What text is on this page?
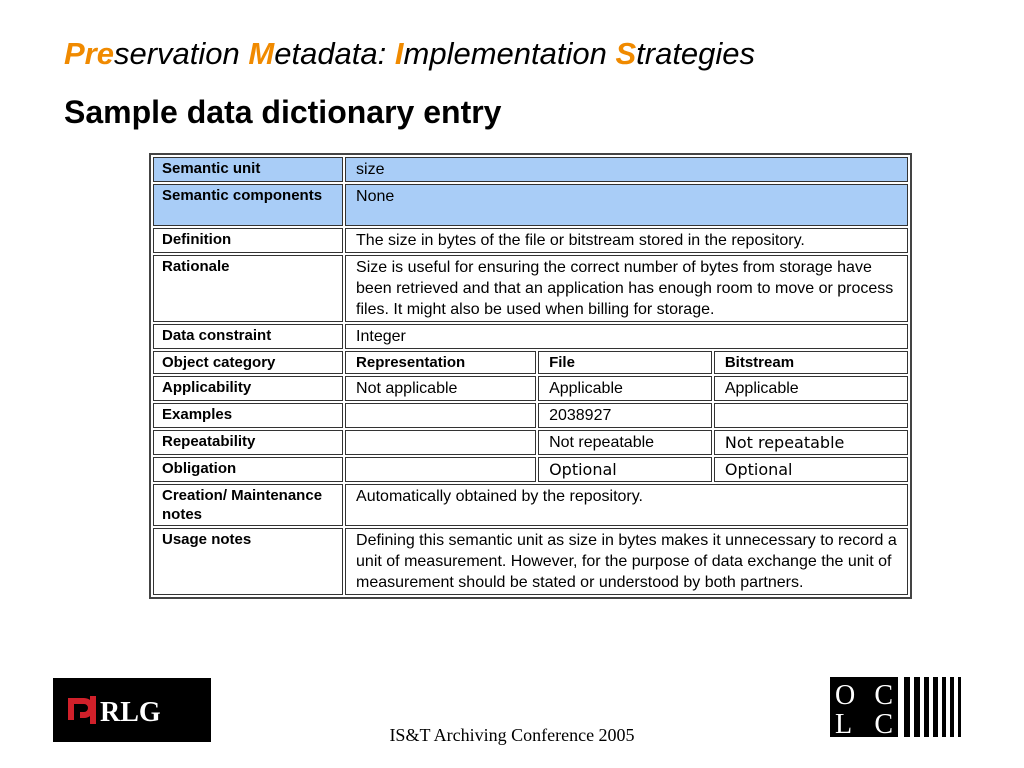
Preservation Metadata: Implementation Strategies
Sample data dictionary entry
Semantic unit	size		
Semantic components	None		
Definition	The size in bytes of the file or bitstream stored in the repository.		
Rationale	Size is useful for ensuring the correct number of bytes from storage have been retrieved and that an application has enough room to move or process files. It might also be used when billing for storage.		
Data constraint	Integer		
Object category	Representation	File	Bitstream
Applicability	Not applicable	Applicable	Applicable
Examples		2038927	
Repeatability		Not repeatable	Not repeatable
Obligation		Optional	Optional
Creation/ Maintenance notes	Automatically obtained by the repository.		
Usage notes	Defining this semantic unit as size in bytes makes it unnecessary to record a unit of measurement. However, for the purpose of data exchange the unit of measurement should be stated or understood by both partners.		
RLG
IS&T Archiving Conference 2005
OC
LC
